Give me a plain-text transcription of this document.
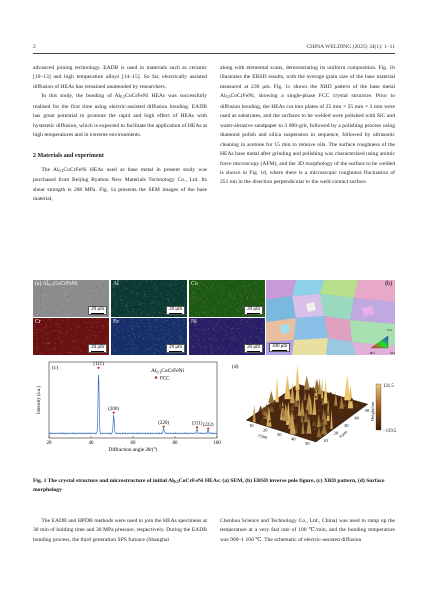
2	CHINA WELDING (2025) 34(1): 1–11

advanced joining technology. EADB is used in materials such as ceramic [10–13] and high temperature alloys [14–15]. So far, electrically assisted diffusion of HEAs has remained unattended by researchers.

In this study, the bonding of $Al_{0.3}CoCrFeNi$ HEAs was successfully realised for the first time using electric-assisted diffusion bonding. EADB has great potential to promote the rapid and high effect of HEAs with hysteretic diffusion, which is expected to facilitate the application of HEAs at high temperatures and in extreme environments.

2 Materials and experiment

The $Al_{0.3}CoCrFeNi$ HEAs used as base metal in present study was purchased from Beijing Ryubon New Materials Technology Co., Ltd. Its shear strength is 286 MPa. Fig. 1a presents the SEM images of the base material,

along with elemental scans, demonstrating its uniform composition. Fig. 1b illustrates the EBSD results, with the average grain size of the base material measured at 230 μm. Fig. 1c shows the XRD pattern of the base metal $Al_{0.3}CoCrFeNi$, showing a single-phase FCC crystal structure. Prior to diffusion bonding, the HEAs cut into plates of 25 mm × 25 mm × 3 mm were used as substrates, and the surfaces to be welded were polished with SiC and water-abrasive sandpaper to 3 000-grit, followed by a polishing process using diamond polish and silica suspension in sequence, followed by ultrasonic cleaning in acetone for 15 min to remove oils. The surface roughness of the HEAs base metal after grinding and polishing was characterized using atomic force microscopy (AFM), and the 3D morphology of the surface to be welded is shown in Fig. 1d, where there is a microscopic roughness fluctuation of 251 nm in the direction perpendicular to the weld contact surface.

(a) $Al_{0.3}CoCrFeNi$
20 μm
Al
20 μm
Co
20 μm
Cr
20 μm
Fe
20 μm
Ni
20 μm
(b)
300 μm
111
001	101
Intensity (a.u.)
Diffraction angle 2θ/(°)
(c)	$Al_{0.3}CoCrFeNi$
FCC
20	40	60	80	100
(111)
(200)
(220)	(311) (222)
(d)
10
20
30
40
50
10
20
30
40
50
y/μm	x/μm
131.5
−119.5
Height/nm
Fig. 1 The crystal structure and microstructure of initial $Al_{0.3}CoCrFeNi$ HEAs: (a) SEM, (b) EBSD inverse pole figure, (c) XRD pattern, (d) Surface morphology

The EADB and HPDB methods were used to join the HEAs specimens at 30 min of holding time and 30 MPa pressure, respectively. During the EADB bonding process, the third generation SPS furnace (Shanghai

Chenhua Science and Technology Co., Ltd., China) was used to ramp up the temperature at a very fast rate of 100 ℃/min, and the bonding temperature was 900–1 100 ℃. The schematic of electric-assisted diffusion
